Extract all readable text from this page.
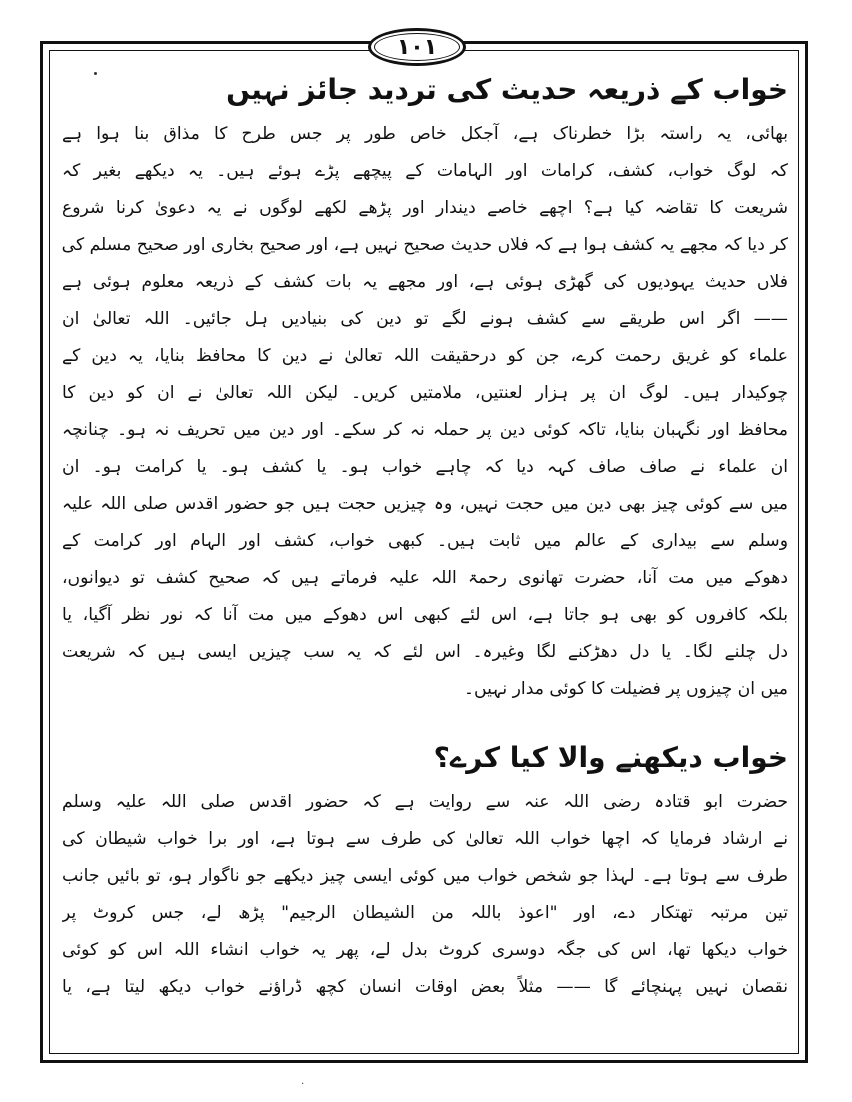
۱۰۱
خواب کے ذریعہ حدیث کی تردید جائز نہیں
بھائی، یہ راستہ بڑا خطرناک ہے، آجکل خاص طور پر جس طرح کا مذاق بنا ہوا ہے
کہ لوگ خواب، کشف، کرامات اور الہامات کے پیچھے پڑے ہوئے ہیں۔ یہ دیکھے بغیر کہ
شریعت کا تقاضہ کیا ہے؟ اچھے خاصے دیندار اور پڑھے لکھے لوگوں نے یہ دعویٰ کرنا شروع
کر دیا کہ مجھے یہ کشف ہوا ہے کہ فلاں حدیث صحیح نہیں ہے، اور صحیح بخاری اور صحیح مسلم کی
فلاں حدیث یہودیوں کی گھڑی ہوئی ہے، اور مجھے یہ بات کشف کے ذریعہ معلوم ہوئی ہے
—— اگر اس طریقے سے کشف ہونے لگے تو دین کی بنیادیں ہل جائیں۔ اللہ تعالیٰ ان
علماء کو غریق رحمت کرے، جن کو درحقیقت اللہ تعالیٰ نے دین کا محافظ بنایا، یہ دین کے
چوکیدار ہیں۔ لوگ ان پر ہزار لعنتیں، ملامتیں کریں۔ لیکن اللہ تعالیٰ نے ان کو دین کا
محافظ اور نگہبان بنایا، تاکہ کوئی دین پر حملہ نہ کر سکے۔ اور دین میں تحریف نہ ہو۔ چنانچہ
ان علماء نے صاف صاف کہہ دیا کہ چاہے خواب ہو۔ یا کشف ہو۔ یا کرامت ہو۔ ان
میں سے کوئی چیز بھی دین میں حجت نہیں، وہ چیزیں حجت ہیں جو حضور اقدس صلی اللہ علیہ
وسلم سے بیداری کے عالم میں ثابت ہیں۔ کبھی خواب، کشف اور الہام اور کرامت کے
دھوکے میں مت آنا، حضرت تھانوی رحمۃ اللہ علیہ فرماتے ہیں کہ صحیح کشف تو دیوانوں،
بلکہ کافروں کو بھی ہو جاتا ہے، اس لئے کبھی اس دھوکے میں مت آنا کہ نور نظر آگیا، یا
دل چلنے لگا۔ یا دل دھڑکنے لگا وغیرہ۔ اس لئے کہ یہ سب چیزیں ایسی ہیں کہ شریعت
میں ان چیزوں پر فضیلت کا کوئی مدار نہیں۔
خواب دیکھنے والا کیا کرے؟
حضرت ابو قتادہ رضی اللہ عنہ سے روایت ہے کہ حضور اقدس صلی اللہ علیہ وسلم
نے ارشاد فرمایا کہ اچھا خواب اللہ تعالیٰ کی طرف سے ہوتا ہے، اور برا خواب شیطان کی
طرف سے ہوتا ہے۔ لہذا جو شخص خواب میں کوئی ایسی چیز دیکھے جو ناگوار ہو، تو بائیں جانب
تین مرتبہ تھتکار دے، اور "اعوذ باللہ من الشیطان الرجیم" پڑھ لے، جس کروٹ پر
خواب دیکھا تھا، اس کی جگہ دوسری کروٹ بدل لے، پھر یہ خواب انشاء اللہ اس کو کوئی
نقصان نہیں پہنچائے گا —— مثلاً بعض اوقات انسان کچھ ڈراؤنے خواب دیکھ لیتا ہے، یا
۰
